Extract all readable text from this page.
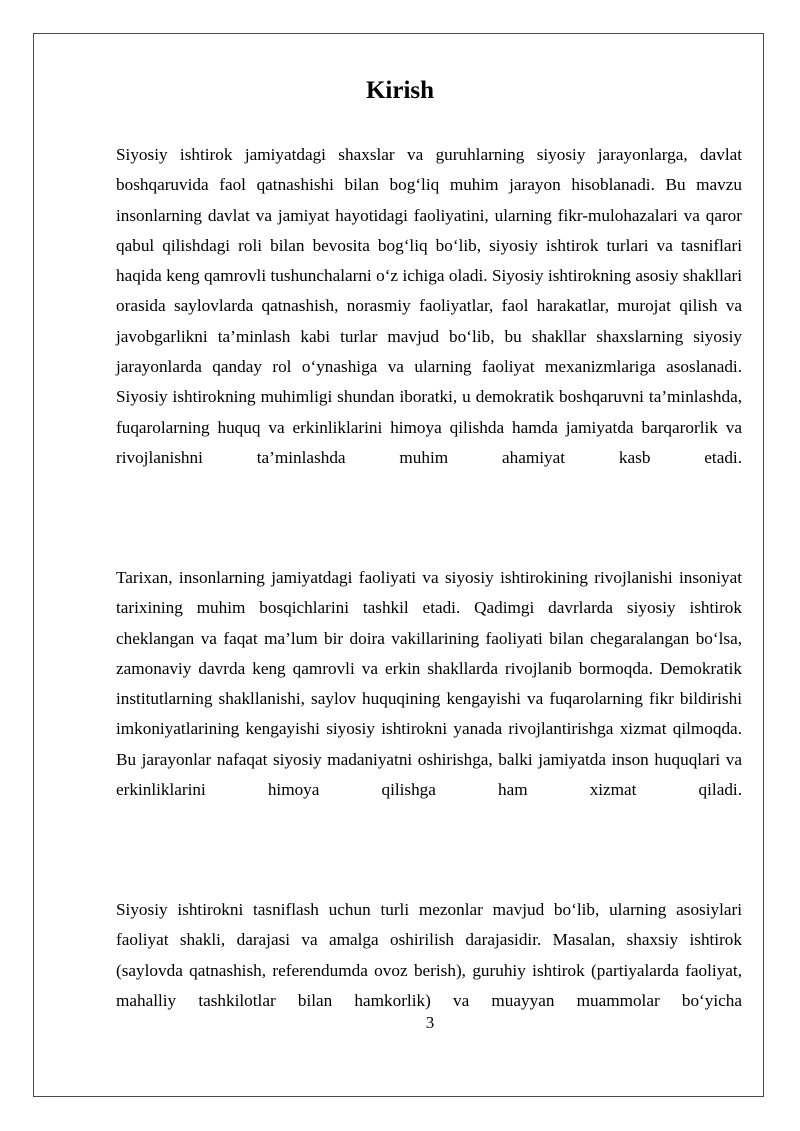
Kirish

Siyosiy ishtirok jamiyatdagi shaxslar va guruhlarning siyosiy jarayonlarga, davlat boshqaruvida faol qatnashishi bilan bog‘liq muhim jarayon hisoblanadi. Bu mavzu insonlarning davlat va jamiyat hayotidagi faoliyatini, ularning fikr-mulohazalari va qaror qabul qilishdagi roli bilan bevosita bog‘liq bo‘lib, siyosiy ishtirok turlari va tasniflari haqida keng qamrovli tushunchalarni o‘z ichiga oladi. Siyosiy ishtirokning asosiy shakllari orasida saylovlarda qatnashish, norasmiy faoliyatlar, faol harakatlar, murojat qilish va javobgarlikni ta’minlash kabi turlar mavjud bo‘lib, bu shakllar shaxslarning siyosiy jarayonlarda qanday rol o‘ynashiga va ularning faoliyat mexanizmlariga asoslanadi. Siyosiy ishtirokning muhimligi shundan iboratki, u demokratik boshqaruvni ta’minlashda, fuqarolarning huquq va erkinliklarini himoya qilishda hamda jamiyatda barqarorlik va rivojlanishni ta’minlashda muhim ahamiyat kasb etadi.

Tarixan, insonlarning jamiyatdagi faoliyati va siyosiy ishtirokining rivojlanishi insoniyat tarixining muhim bosqichlarini tashkil etadi. Qadimgi davrlarda siyosiy ishtirok cheklangan va faqat ma’lum bir doira vakillarining faoliyati bilan chegaralangan bo‘lsa, zamonaviy davrda keng qamrovli va erkin shakllarda rivojlanib bormoqda. Demokratik institutlarning shakllanishi, saylov huquqining kengayishi va fuqarolarning fikr bildirishi imkoniyatlarining kengayishi siyosiy ishtirokni yanada rivojlantirishga xizmat qilmoqda. Bu jarayonlar nafaqat siyosiy madaniyatni oshirishga, balki jamiyatda inson huquqlari va erkinliklarini himoya qilishga ham xizmat qiladi.

Siyosiy ishtirokni tasniflash uchun turli mezonlar mavjud bo‘lib, ularning asosiylari faoliyat shakli, darajasi va amalga oshirilish darajasidir. Masalan, shaxsiy ishtirok (saylovda qatnashish, referendumda ovoz berish), guruhiy ishtirok (partiyalarda faoliyat, mahalliy tashkilotlar bilan hamkorlik) va muayyan muammolar bo‘yicha

3
